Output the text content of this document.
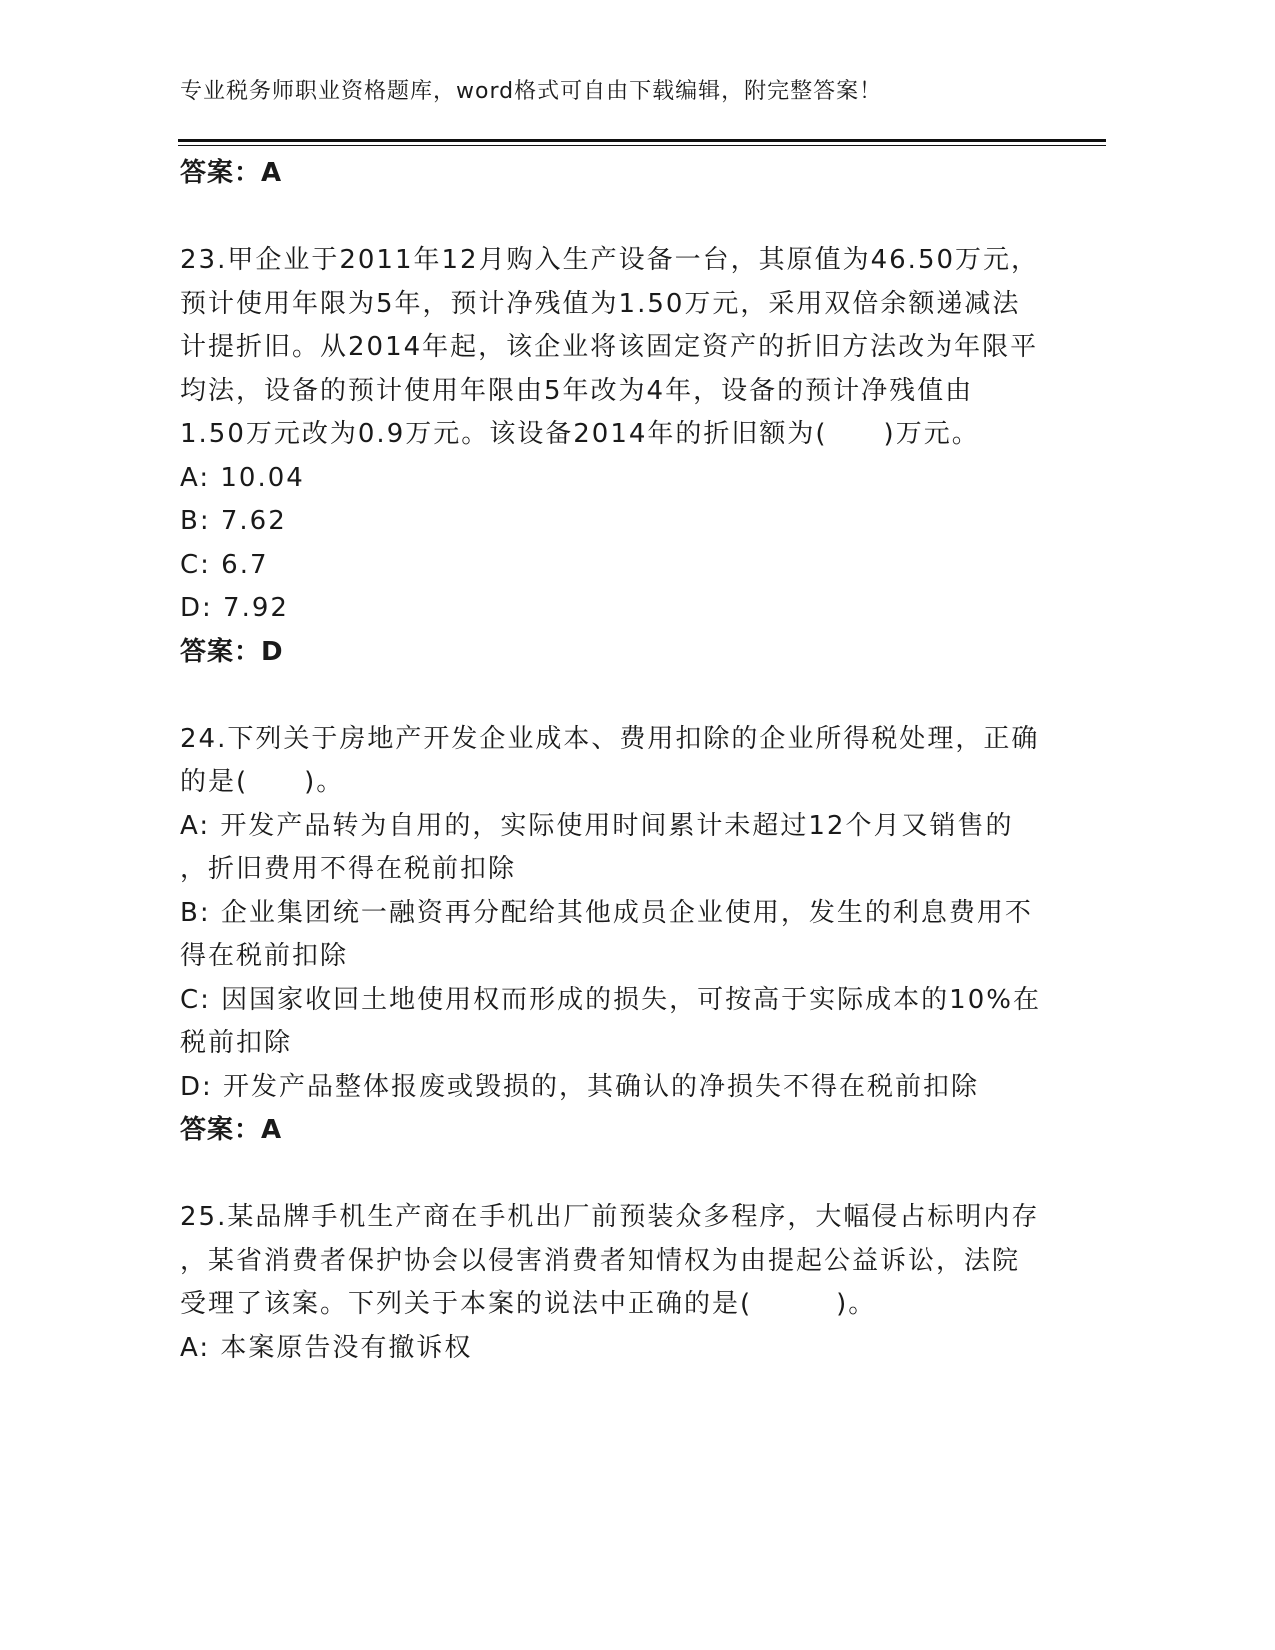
专业税务师职业资格题库，word格式可自由下载编辑，附完整答案！
答案：A
23.甲企业于2011年12月购入生产设备一台，其原值为46.50万元，
预计使用年限为5年，预计净残值为1.50万元，采用双倍余额递减法
计提折旧。从2014年起，该企业将该固定资产的折旧方法改为年限平
均法，设备的预计使用年限由5年改为4年，设备的预计净残值由
1.50万元改为0.9万元。该设备2014年的折旧额为(　　)万元。
A: 10.04
B: 7.62
C: 6.7
D: 7.92
答案：D
24.下列关于房地产开发企业成本、费用扣除的企业所得税处理，正确
的是(　　)。
A: 开发产品转为自用的，实际使用时间累计未超过12个月又销售的
，折旧费用不得在税前扣除
B: 企业集团统一融资再分配给其他成员企业使用，发生的利息费用不
得在税前扣除
C: 因国家收回土地使用权而形成的损失，可按高于实际成本的10%在
税前扣除
D: 开发产品整体报废或毁损的，其确认的净损失不得在税前扣除
答案：A
25.某品牌手机生产商在手机出厂前预装众多程序，大幅侵占标明内存
，某省消费者保护协会以侵害消费者知情权为由提起公益诉讼，法院
受理了该案。下列关于本案的说法中正确的是(　　　)。
A: 本案原告没有撤诉权
